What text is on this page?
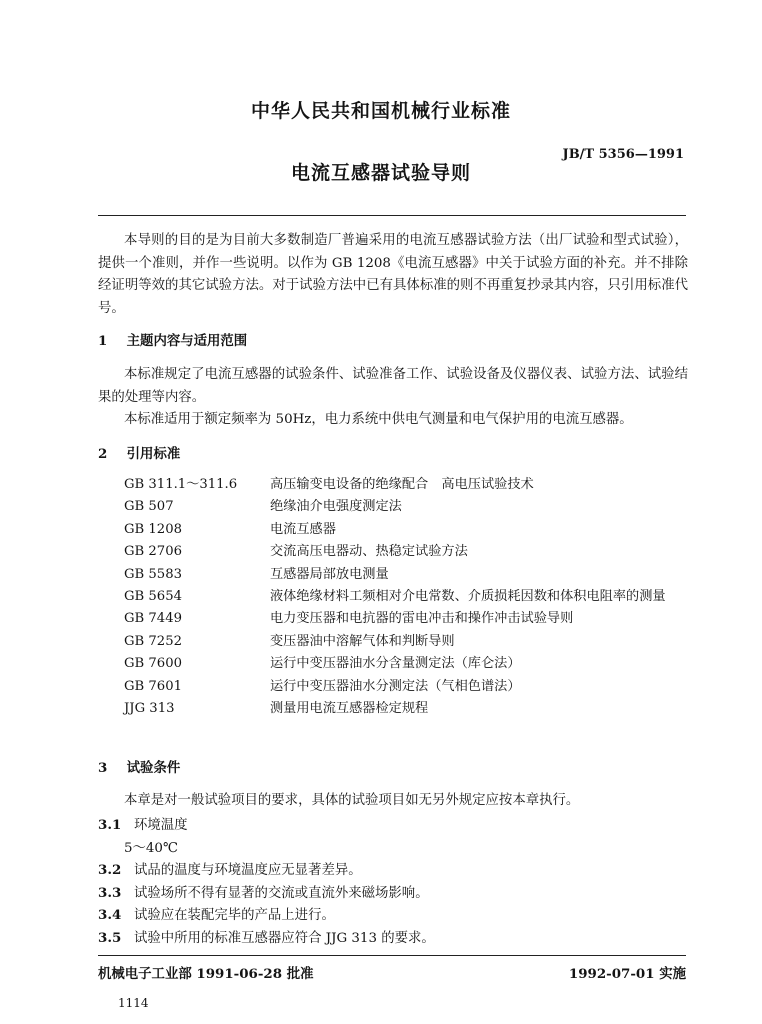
中华人民共和国机械行业标准
JB/T 5356—1991
电流互感器试验导则

本导则的目的是为目前大多数制造厂普遍采用的电流互感器试验方法（出厂试验和型式试验），提供一个准则，并作一些说明。以作为 GB 1208《电流互感器》中关于试验方面的补充。并不排除经证明等效的其它试验方法。对于试验方法中已有具体标准的则不再重复抄录其内容，只引用标准代号。

1 主题内容与适用范围

本标准规定了电流互感器的试验条件、试验准备工作、试验设备及仪器仪表、试验方法、试验结果的处理等内容。

本标准适用于额定频率为 50Hz，电力系统中供电气测量和电气保护用的电流互感器。

2 引用标准
GB 311.1～311.6	高压输变电设备的绝缘配合　高电压试验技术
GB 507	绝缘油介电强度测定法
GB 1208	电流互感器
GB 2706	交流高压电器动、热稳定试验方法
GB 5583	互感器局部放电测量
GB 5654	液体绝缘材料工频相对介电常数、介质损耗因数和体积电阻率的测量
GB 7449	电力变压器和电抗器的雷电冲击和操作冲击试验导则
GB 7252	变压器油中溶解气体和判断导则
GB 7600	运行中变压器油水分含量测定法（库仑法）
GB 7601	运行中变压器油水分测定法（气相色谱法）
JJG 313	测量用电流互感器检定规程
3 试验条件

本章是对一般试验项目的要求，具体的试验项目如无另外规定应按本章执行。

3.1 环境温度
5～40℃
3.2 试品的温度与环境温度应无显著差异。
3.3 试验场所不得有显著的交流或直流外来磁场影响。
3.4 试验应在装配完毕的产品上进行。
3.5 试验中所用的标准互感器应符合 JJG 313 的要求。
机械电子工业部 1991-06-28 批准	1992-07-01 实施
1114
